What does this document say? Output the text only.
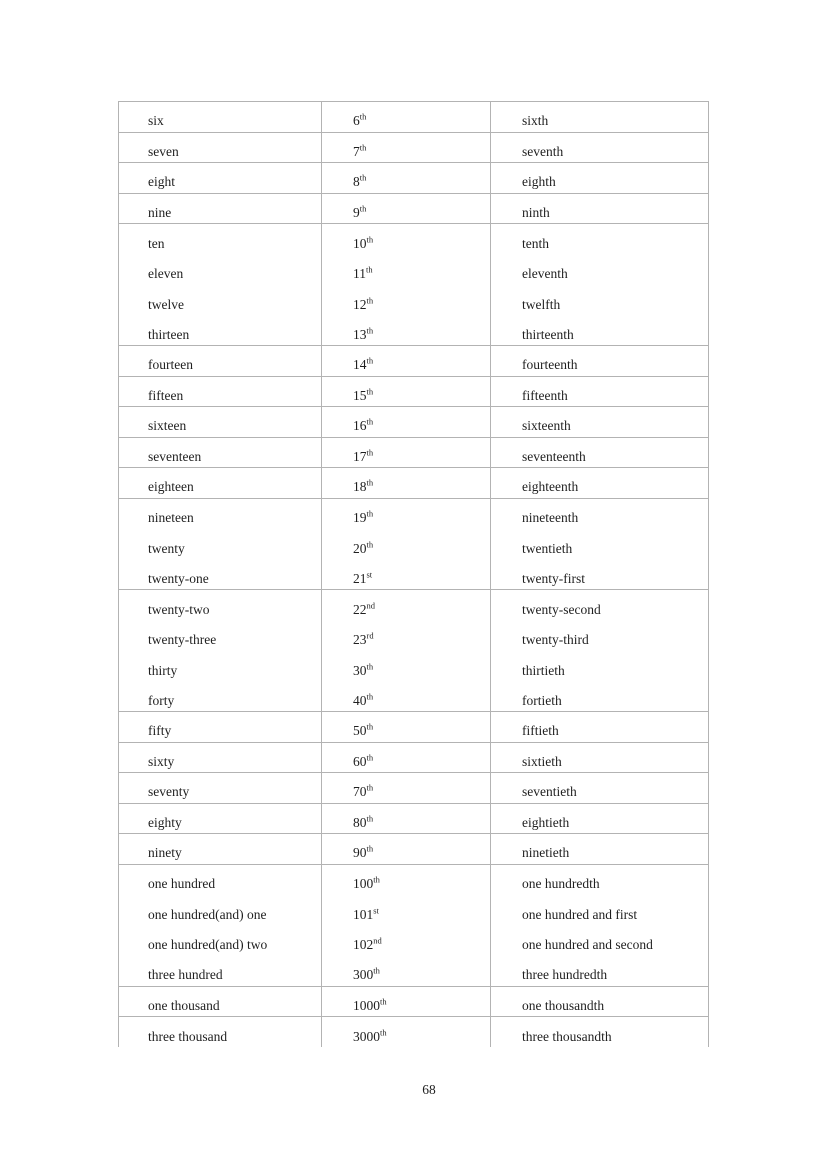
six	6th	sixth
seven	7th	seventh
eight	8th	eighth
nine	9th	ninth
ten	10th	tenth
eleven	11th	eleventh
twelve	12th	twelfth
thirteen	13th	thirteenth
fourteen	14th	fourteenth
fifteen	15th	fifteenth
sixteen	16th	sixteenth
seventeen	17th	seventeenth
eighteen	18th	eighteenth
nineteen	19th	nineteenth
twenty	20th	twentieth
twenty-one	21st	twenty-first
twenty-two	22nd	twenty-second
twenty-three	23rd	twenty-third
thirty	30th	thirtieth
forty	40th	fortieth
fifty	50th	fiftieth
sixty	60th	sixtieth
seventy	70th	seventieth
eighty	80th	eightieth
ninety	90th	ninetieth
one hundred	100th	one hundredth
one hundred(and) one	101st	one hundred and first
one hundred(and) two	102nd	one hundred and second
three hundred	300th	three hundredth
one thousand	1000th	one thousandth
three thousand	3000th	three thousandth
68
